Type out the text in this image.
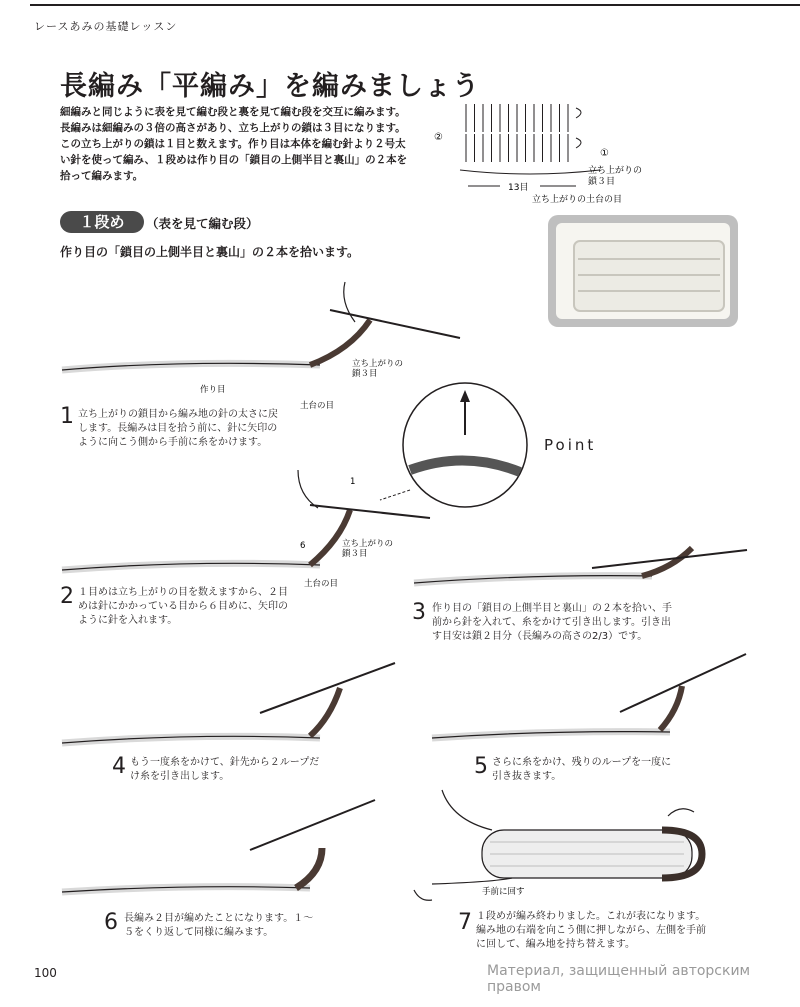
レースあみの基礎レッスン
長編み「平編み」を編みましょう
細編みと同じように表を見て編む段と裏を見て編む段を交互に編みます。長編みは細編みの３倍の高さがあり、立ち上がりの鎖は３目になります。この立ち上がりの鎖は１目と数えます。作り目は本体を編む針より２号太い針を使って編み、１段めは作り目の「鎖目の上側半目と裏山」の２本を拾って編みます。
②
①
13目
立ち上がりの
鎖３目
立ち上がりの土台の目
１段め	（表を見て編む段）
作り目の「鎖目の上側半目と裏山」の２本を拾います。
作り目
立ち上がりの
鎖３目
土台の目
1 立ち上がりの鎖目から編み地の針の太さに戻します。長編みは目を拾う前に、針に矢印のように向こう側から手前に糸をかけます。	Point
6
1
立ち上がりの
鎖３目
土台の目
2 １目めは立ち上がりの目を数えますから、２目めは針にかかっている目から６目めに、矢印のように針を入れます。	3 作り目の「鎖目の上側半目と裏山」の２本を拾い、手前から針を入れて、糸をかけて引き出します。引き出す目安は鎖２目分（長編みの高さの2/3）です。
4 もう一度糸をかけて、針先から２ループだけ糸を引き出します。	5 さらに糸をかけ、残りのループを一度に引き抜きます。
6 長編み２目が編めたことになります。１～５をくり返して同様に編みます。
手前に回す
7 １段めが編み終わりました。これが表になります。編み地の右端を向こう側に押しながら、左側を手前に回して、編み地を持ち替えます。
100	Материал, защищенный авторским правом
